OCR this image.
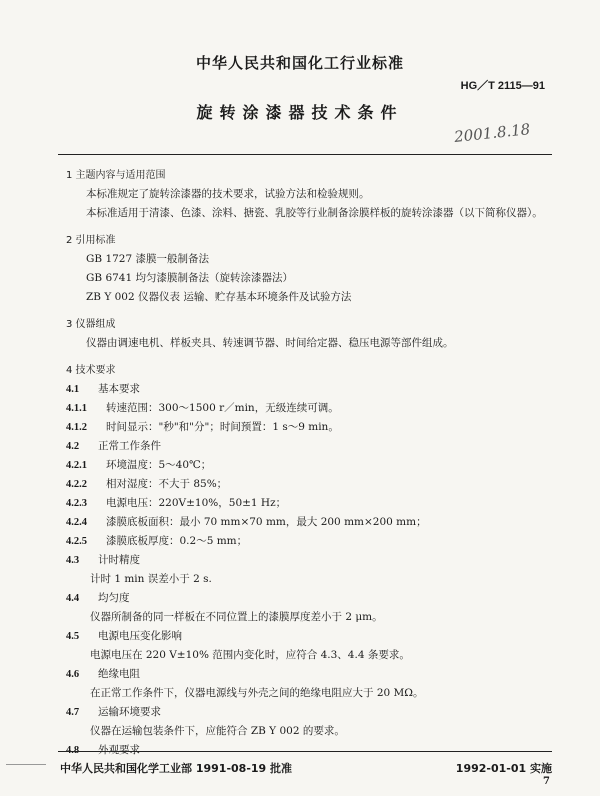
中华人民共和国化工行业标准
HG／T 2115—91
旋转涂漆器技术条件
2001.8.18
1 主题内容与适用范围
本标准规定了旋转涂漆器的技术要求，试验方法和检验规则。
本标准适用于清漆、色漆、涂料、搪瓷、乳胶等行业制备涂膜样板的旋转涂漆器（以下简称仪器）。
2 引用标准
GB 1727 漆膜一般制备法
GB 6741 均匀漆膜制备法（旋转涂漆器法）
ZB Y 002 仪器仪表 运输、贮存基本环境条件及试验方法
3 仪器组成
仪器由调速电机、样板夹具、转速调节器、时间给定器、稳压电源等部件组成。
4 技术要求
4.1 基本要求
4.1.1 转速范围：300～1500 r／min，无级连续可调。
4.1.2 时间显示："秒"和"分"；时间预置：1 s～9 min。
4.2 正常工作条件
4.2.1 环境温度：5～40℃；
4.2.2 相对湿度：不大于 85%；
4.2.3 电源电压：220V±10%，50±1 Hz；
4.2.4 漆膜底板面积：最小 70 mm×70 mm，最大 200 mm×200 mm；
4.2.5 漆膜底板厚度：0.2～5 mm；
4.3 计时精度
计时 1 min 误差小于 2 s.
4.4 均匀度
仪器所制备的同一样板在不同位置上的漆膜厚度差小于 2 μm。
4.5 电源电压变化影响
电源电压在 220 V±10% 范围内变化时，应符合 4.3、4.4 条要求。
4.6 绝缘电阻
在正常工作条件下，仪器电源线与外壳之间的绝缘电阻应大于 20 MΩ。
4.7 运输环境要求
仪器在运输包装条件下，应能符合 ZB Y 002 的要求。
4.8 外观要求
中华人民共和国化学工业部 1991-08-19 批准	1992-01-01 实施
7
